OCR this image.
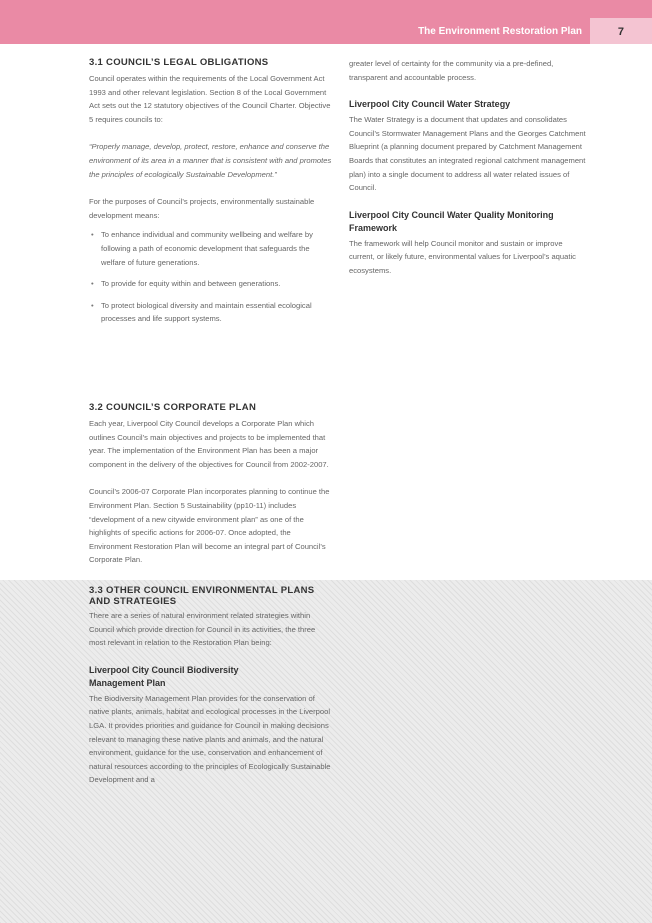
The Environment Restoration Plan	7
3.1 COUNCIL’S LEGAL OBLIGATIONS

Council operates within the requirements of the Local Government Act 1993 and other relevant legislation. Section 8 of the Local Government Act sets out the 12 statutory objectives of the Council Charter. Objective 5 requires councils to:

“Properly manage, develop, protect, restore, enhance and conserve the environment of its area in a manner that is consistent with and promotes the principles of ecologically Sustainable Development.”

For the purposes of Council’s projects, environmentally sustainable development means:

• To enhance individual and community wellbeing and welfare by following a path of economic development that safeguards the welfare of future generations.
• To provide for equity within and between generations.
• To protect biological diversity and maintain essential ecological processes and life support systems.
3.2 COUNCIL’S CORPORATE PLAN

Each year, Liverpool City Council develops a Corporate Plan which outlines Council’s main objectives and projects to be implemented that year. The implementation of the Environment Plan has been a major component in the delivery of the objectives for Council from 2002-2007.

Council’s 2006-07 Corporate Plan incorporates planning to continue the Environment Plan. Section 5 Sustainability (pp10-11) includes “development of a new citywide environment plan” as one of the highlights of specific actions for 2006-07. Once adopted, the Environment Restoration Plan will become an integral part of Council’s Corporate Plan.

3.3 OTHER COUNCIL ENVIRONMENTAL PLANS
AND STRATEGIES

There are a series of natural environment related strategies within Council which provide direction for Council in its activities, the three most relevant in relation to the Restoration Plan being:

Liverpool City Council Biodiversity
Management Plan

The Biodiversity Management Plan provides for the conservation of native plants, animals, habitat and ecological processes in the Liverpool LGA. It provides priorities and guidance for Council in making decisions relevant to managing these native plants and animals, and the natural environment, guidance for the use, conservation and enhancement of natural resources according to the principles of Ecologically Sustainable Development and a

greater level of certainty for the community via a pre-defined, transparent and accountable process.

Liverpool City Council Water Strategy

The Water Strategy is a document that updates and consolidates Council’s Stormwater Management Plans and the Georges Catchment Blueprint (a planning document prepared by Catchment Management Boards that constitutes an integrated regional catchment management plan) into a single document to address all water related issues of Council.

Liverpool City Council Water Quality Monitoring
Framework

The framework will help Council monitor and sustain or improve current, or likely future, environmental values for Liverpool’s aquatic ecosystems.
